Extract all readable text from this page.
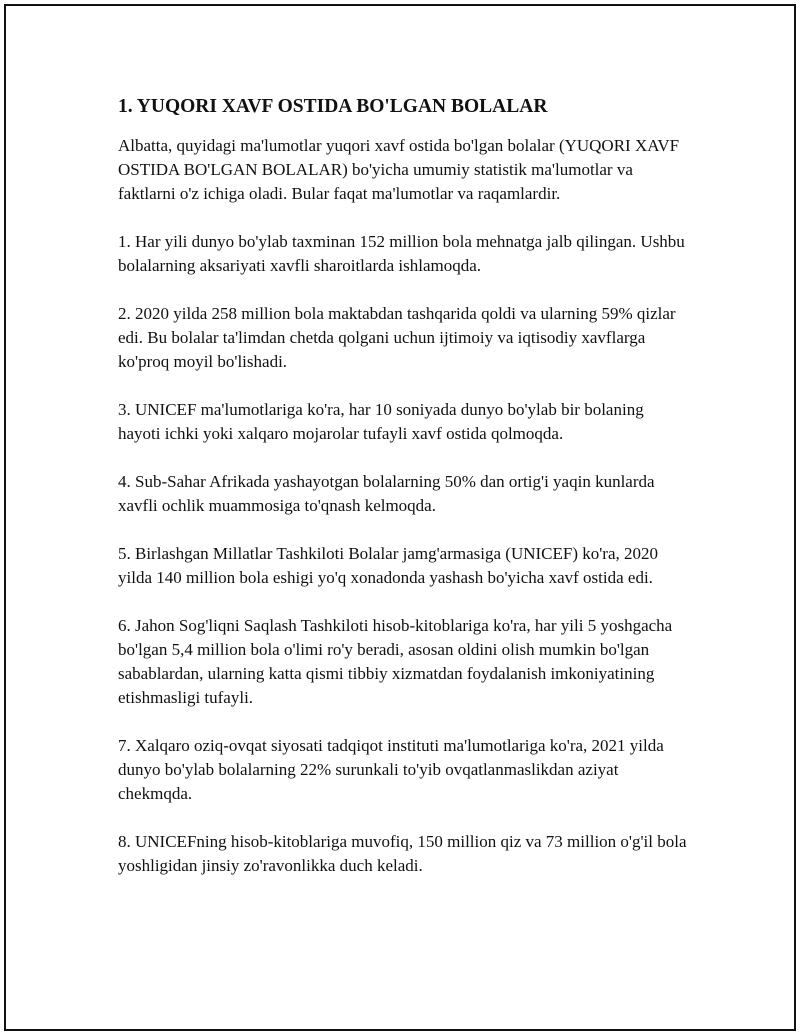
1. YUQORI XAVF OSTIDA BO'LGAN BOLALAR

Albatta, quyidagi ma'lumotlar yuqori xavf ostida bo'lgan bolalar (YUQORI XAVF OSTIDA BO'LGAN BOLALAR) bo'yicha umumiy statistik ma'lumotlar va faktlarni o'z ichiga oladi. Bular faqat ma'lumotlar va raqamlardir.

1. Har yili dunyo bo'ylab taxminan 152 million bola mehnatga jalb qilingan. Ushbu bolalarning aksariyati xavfli sharoitlarda ishlamoqda.

2. 2020 yilda 258 million bola maktabdan tashqarida qoldi va ularning 59% qizlar edi. Bu bolalar ta'limdan chetda qolgani uchun ijtimoiy va iqtisodiy xavflarga ko'proq moyil bo'lishadi.

3. UNICEF ma'lumotlariga ko'ra, har 10 soniyada dunyo bo'ylab bir bolaning hayoti ichki yoki xalqaro mojarolar tufayli xavf ostida qolmoqda.

4. Sub-Sahar Afrikada yashayotgan bolalarning 50% dan ortig'i yaqin kunlarda xavfli ochlik muammosiga to'qnash kelmoqda.

5. Birlashgan Millatlar Tashkiloti Bolalar jamg'armasiga (UNICEF) ko'ra, 2020 yilda 140 million bola eshigi yo'q xonadonda yashash bo'yicha xavf ostida edi.

6. Jahon Sog'liqni Saqlash Tashkiloti hisob-kitoblariga ko'ra, har yili 5 yoshgacha bo'lgan 5,4 million bola o'limi ro'y beradi, asosan oldini olish mumkin bo'lgan sabablardan, ularning katta qismi tibbiy xizmatdan foydalanish imkoniyatining etishmasligi tufayli.

7. Xalqaro oziq-ovqat siyosati tadqiqot instituti ma'lumotlariga ko'ra, 2021 yilda dunyo bo'ylab bolalarning 22% surunkali to'yib ovqatlanmaslikdan aziyat chekmqda.

8. UNICEFning hisob-kitoblariga muvofiq, 150 million qiz va 73 million o'g'il bola yoshligidan jinsiy zo'ravonlikka duch keladi.
